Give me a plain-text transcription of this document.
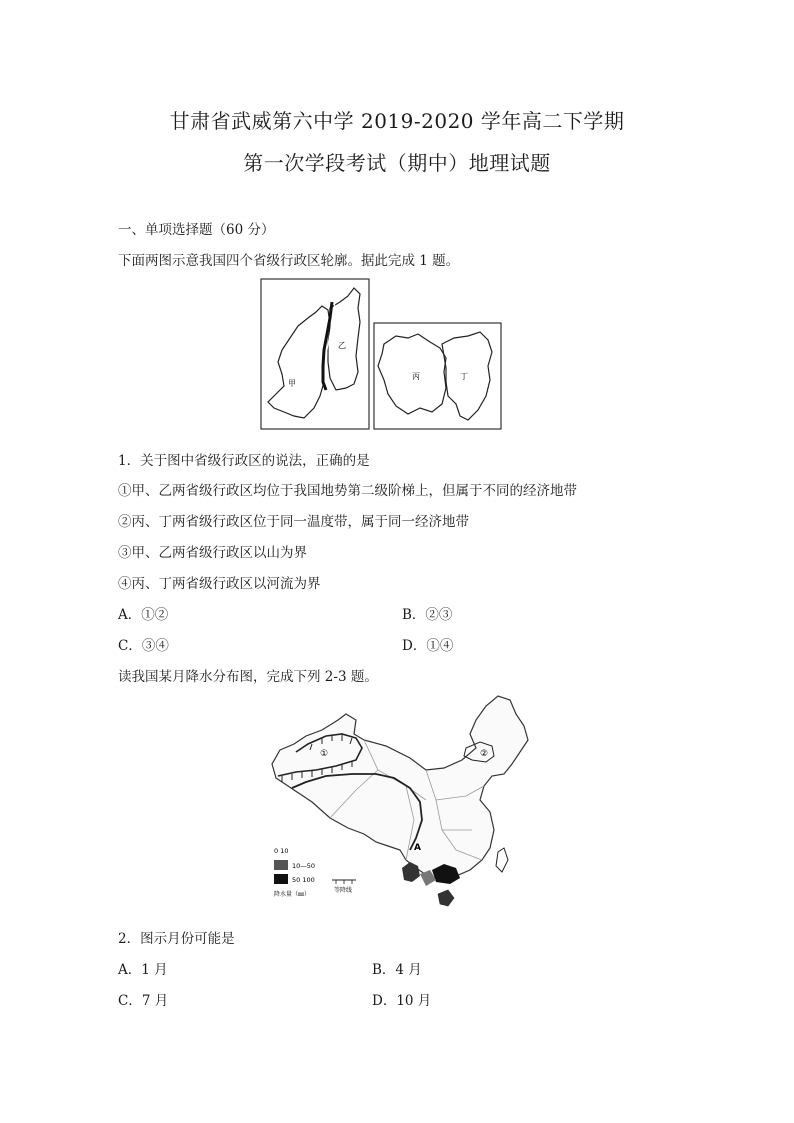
甘肃省武威第六中学 2019-2020 学年高二下学期
第一次学段考试（期中）地理试题
一、单项选择题（60 分）
下面两图示意我国四个省级行政区轮廓。据此完成 1 题。
乙
甲
丙	丁
1．关于图中省级行政区的说法，正确的是
①甲、乙两省级行政区均位于我国地势第二级阶梯上，但属于不同的经济地带
②丙、丁两省级行政区位于同一温度带，属于同一经济地带
③甲、乙两省级行政区以山为界
④丙、丁两省级行政区以河流为界
A．①②	B．②③
C．③④	D．①④
读我国某月降水分布图，完成下列 2-3 题。
①	②
A
0 10
10—50
50 100
降水量（㎜）
等降线
2．图示月份可能是
A．1 月	B．4 月
C．7 月	D．10 月
